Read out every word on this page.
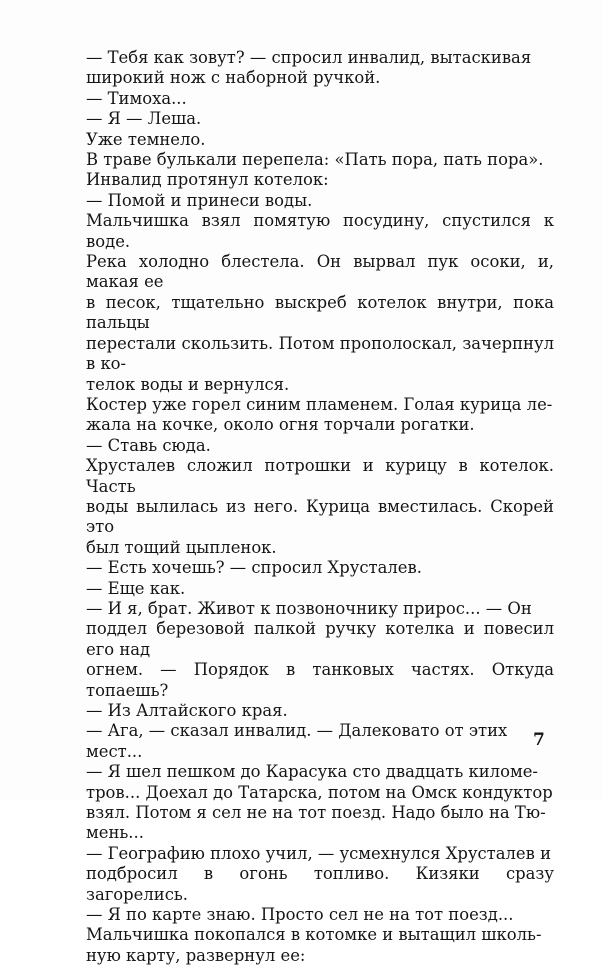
— Тебя как зовут? — спросил инвалид, вытаскивая
широкий нож с наборной ручкой.

— Тимоха...

— Я — Леша.

Уже темнело.

В траве булькали перепела: «Пать пора, пать пора».

Инвалид протянул котелок:

— Помой и принеси воды.

Мальчишка взял помятую посудину, спустился к воде.
Река холодно блестела. Он вырвал пук осоки, и, макая ее
в песок, тщательно выскреб котелок внутри, пока пальцы
перестали скользить. Потом прополоскал, зачерпнул в ко-
телок воды и вернулся.

Костер уже горел синим пламенем. Голая курица ле-
жала на кочке, около огня торчали рогатки.

— Ставь сюда.

Хрусталев сложил потрошки и курицу в котелок. Часть
воды вылилась из него. Курица вместилась. Скорей это
был тощий цыпленок.

— Есть хочешь? — спросил Хрусталев.

— Еще как.

— И я, брат. Живот к позвоночнику прирос... — Он
поддел березовой палкой ручку котелка и повесил его над
огнем. — Порядок в танковых частях. Откуда топаешь?

— Из Алтайского края.

— Ага, — сказал инвалид. — Далековато от этих
мест...

— Я шел пешком до Карасука сто двадцать киломе-
тров... Доехал до Татарска, потом на Омск кондуктор
взял. Потом я сел не на тот поезд. Надо было на Тю-
мень...

— Географию плохо учил, — усмехнулся Хрусталев и
подбросил в огонь топливо. Кизяки сразу загорелись.

— Я по карте знаю. Просто сел не на тот поезд...

Мальчишка покопался в котомке и вытащил школь-
ную карту, развернул ее:

7
